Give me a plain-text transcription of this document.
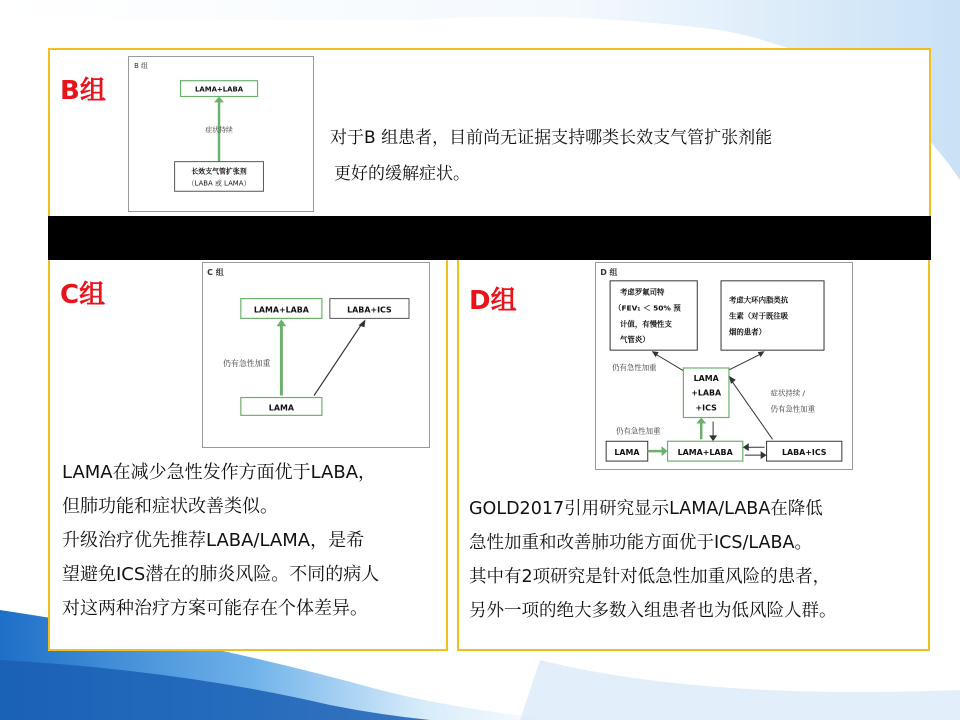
B组
B 组
LAMA+LABA
症状持续
长效支气管扩张剂
（LABA 或 LAMA）

对于B 组患者，目前尚无证据支持哪类长效支气管扩张剂能

更好的缓解症状。

C组
C 组
LAMA+LABA	LABA+ICS
仍有急性加重
LAMA

LAMA在减少急性发作方面优于LABA，

但肺功能和症状改善类似。

升级治疗优先推荐LABA/LAMA，是希

望避免ICS潜在的肺炎风险。不同的病人

对这两种治疗方案可能存在个体差异。

D组
D 组
考虑罗氟司特
（FEV₁ ＜ 50% 预
计值，有慢性支
气管炎）
考虑大环内脂类抗
生素（对于既往吸
烟的患者）
仍有急性加重
LAMA
+LABA
+ICS
症状持续 /
仍有急性加重
仍有急性加重
LAMA	LAMA+LABA	LABA+ICS

GOLD2017引用研究显示LAMA/LABA在降低

急性加重和改善肺功能方面优于ICS/LABA。

其中有2项研究是针对低急性加重风险的患者，

另外一项的绝大多数入组患者也为低风险人群。
